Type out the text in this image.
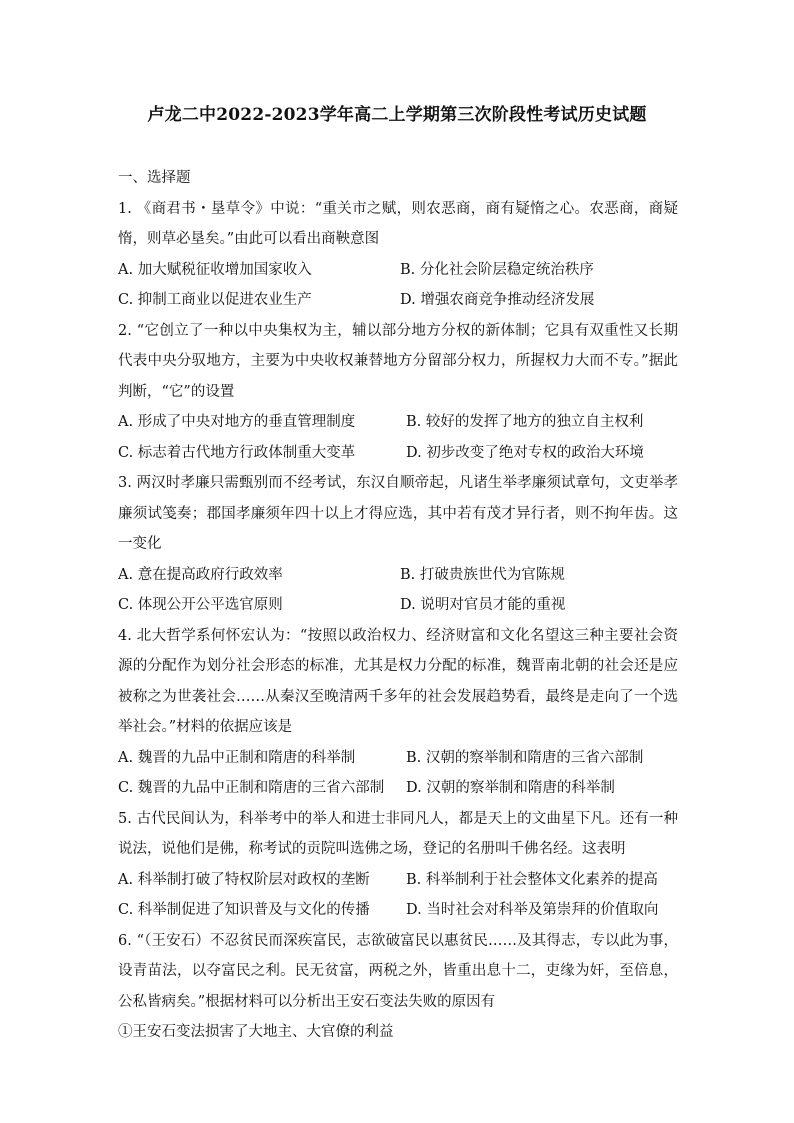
卢龙二中2022-2023学年高二上学期第三次阶段性考试历史试题

一、选择题

1. 《商君书・垦草令》中说：“重关市之赋，则农恶商，商有疑惰之心。农恶商，商疑惰，则草必垦矣。”由此可以看出商鞅意图

A. 加大赋税征收增加国家收入	B. 分化社会阶层稳定统治秩序
C. 抑制工商业以促进农业生产	D. 增强农商竞争推动经济发展

2. “它创立了一种以中央集权为主，辅以部分地方分权的新体制；它具有双重性又长期代表中央分驭地方，主要为中央收权兼替地方分留部分权力，所握权力大而不专。”据此判断，“它”的设置

A. 形成了中央对地方的垂直管理制度	B. 较好的发挥了地方的独立自主权利
C. 标志着古代地方行政体制重大变革	D. 初步改变了绝对专权的政治大环境

3. 两汉时孝廉只需甄别而不经考试，东汉自顺帝起，凡诸生举孝廉须试章句，文吏举孝廉须试笺奏；郡国孝廉须年四十以上才得应选，其中若有茂才异行者，则不拘年齿。这一变化

A. 意在提高政府行政效率	B. 打破贵族世代为官陈规
C. 体现公开公平选官原则	D. 说明对官员才能的重视

4. 北大哲学系何怀宏认为：“按照以政治权力、经济财富和文化名望这三种主要社会资源的分配作为划分社会形态的标准，尤其是权力分配的标准，魏晋南北朝的社会还是应被称之为世袭社会……从秦汉至晚清两千多年的社会发展趋势看，最终是走向了一个选举社会。”材料的依据应该是

A. 魏晋的九品中正制和隋唐的科举制	B. 汉朝的察举制和隋唐的三省六部制
C. 魏晋的九品中正制和隋唐的三省六部制	D. 汉朝的察举制和隋唐的科举制

5. 古代民间认为，科举考中的举人和进士非同凡人，都是天上的文曲星下凡。还有一种说法，说他们是佛，称考试的贡院叫选佛之场，登记的名册叫千佛名经。这表明

A. 科举制打破了特权阶层对政权的垄断	B. 科举制利于社会整体文化素养的提高
C. 科举制促进了知识普及与文化的传播	D. 当时社会对科举及第崇拜的价值取向

6. “（王安石）不忍贫民而深疾富民，志欲破富民以惠贫民……及其得志，专以此为事，设青苗法，以夺富民之利。民无贫富，两税之外，皆重出息十二，吏缘为奸，至倍息，公私皆病矣。”根据材料可以分析出王安石变法失败的原因有

①王安石变法损害了大地主、大官僚的利益
